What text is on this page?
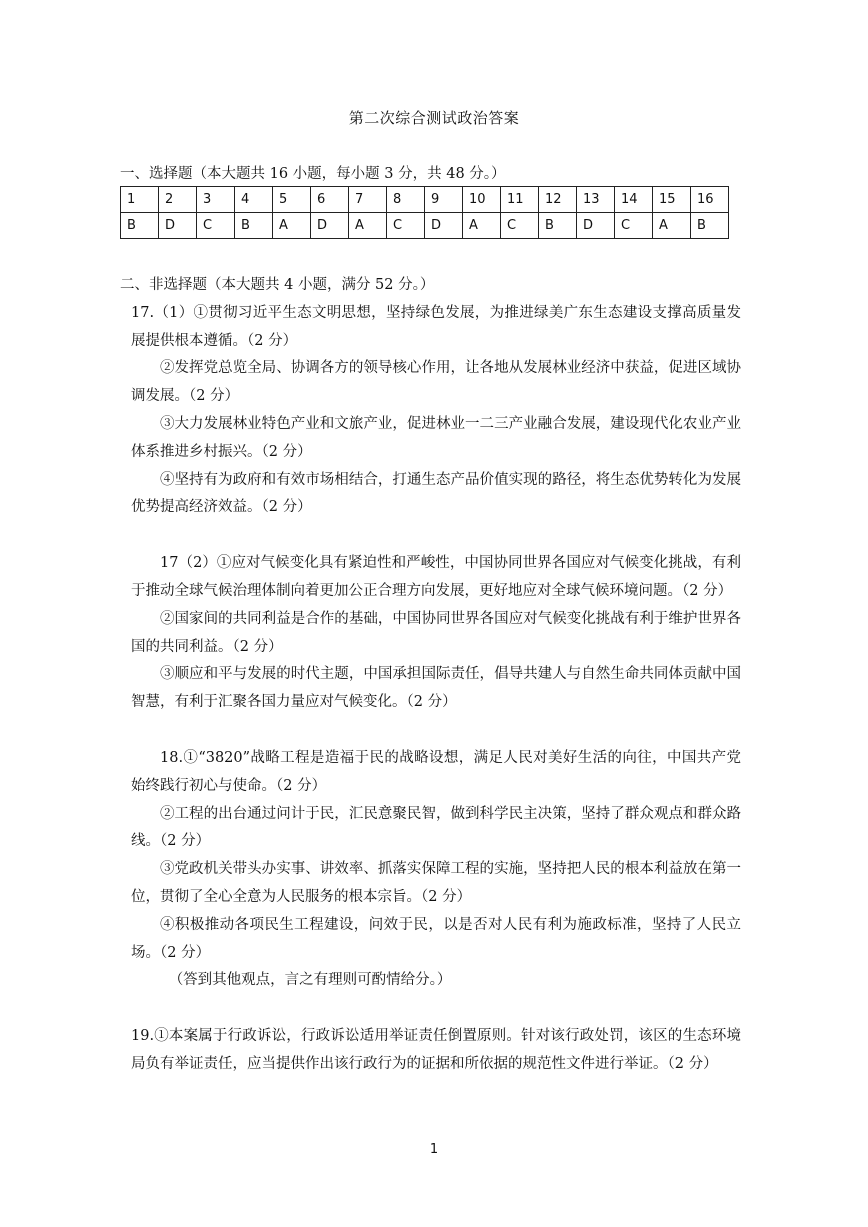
第二次综合测试政治答案
一、选择题（本大题共 16 小题，每小题 3 分，共 48 分。）
1	2	3	4	5	6	7	8	9	10	11	12	13	14	15	16
B	D	C	B	A	D	A	C	D	A	C	B	D	C	A	B

二、非选择题（本大题共 4 小题，满分 52 分。）

17.（1）①贯彻习近平生态文明思想，坚持绿色发展，为推进绿美广东生态建设支撑高质量发展提供根本遵循。（2 分）

②发挥党总览全局、协调各方的领导核心作用，让各地从发展林业经济中获益，促进区域协调发展。（2 分）

③大力发展林业特色产业和文旅产业，促进林业一二三产业融合发展，建设现代化农业产业体系推进乡村振兴。（2 分）

④坚持有为政府和有效市场相结合，打通生态产品价值实现的路径，将生态优势转化为发展优势提高经济效益。（2 分）

17（2）①应对气候变化具有紧迫性和严峻性，中国协同世界各国应对气候变化挑战，有利于推动全球气候治理体制向着更加公正合理方向发展，更好地应对全球气候环境问题。（2 分）

②国家间的共同利益是合作的基础，中国协同世界各国应对气候变化挑战有利于维护世界各国的共同利益。（2 分）

③顺应和平与发展的时代主题，中国承担国际责任，倡导共建人与自然生命共同体贡献中国智慧，有利于汇聚各国力量应对气候变化。（2 分）

18.①“3820”战略工程是造福于民的战略设想，满足人民对美好生活的向往，中国共产党始终践行初心与使命。（2 分）

②工程的出台通过问计于民，汇民意聚民智，做到科学民主决策，坚持了群众观点和群众路线。（2 分）

③党政机关带头办实事、讲效率、抓落实保障工程的实施，坚持把人民的根本利益放在第一位，贯彻了全心全意为人民服务的根本宗旨。（2 分）

④积极推动各项民生工程建设，问效于民，以是否对人民有利为施政标准，坚持了人民立场。（2 分）

（答到其他观点，言之有理则可酌情给分。）

19.①本案属于行政诉讼，行政诉讼适用举证责任倒置原则。针对该行政处罚，该区的生态环境局负有举证责任，应当提供作出该行政行为的证据和所依据的规范性文件进行举证。（2 分）

1
